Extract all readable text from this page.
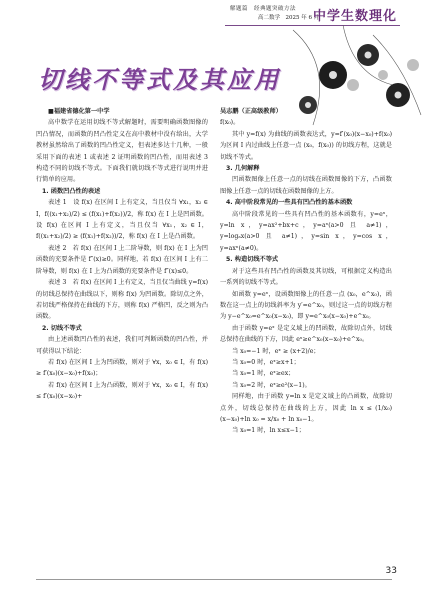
解题篇　经典题突破方法
高二数学　2025 年 6 月
中学生数理化
切线不等式及其应用

■福建省德化第一中学

高中数学在运用切线不等式解题时，需要明确函数图像的凹凸情况，而函数的凹凸性定义在高中教材中没有给出，大学教材虽然给出了函数的凹凸性定义，但表述多达十几种，一般采用下面的表述 1 或表述 2 证明函数的凹凸性，而用表述 3 构造不同的切线不等式。下面我们就切线不等式进行说明并进行简单的应用。

1. 函数凹凸性的表述

表述 1　设 f(x) 在区间 I 上有定义，当且仅当 ∀x₁，x₂ ∈ I，f((x₁+x₂)/2) ≤ (f(x₁)+f(x₂))/2，称 f(x) 在 I 上是凹函数。设 f(x) 在区间 I 上有定义，当且仅当 ∀x₁，x₂ ∈ I，f((x₁+x₂)/2) ≥ (f(x₁)+f(x₂))/2，称 f(x) 在 I 上是凸函数。

表述 2　若 f(x) 在区间 I 上二阶导数，则 f(x) 在 I 上为凹函数的充要条件是 f″(x)≥0。同样地，若 f(x) 在区间 I 上有二阶导数，则 f(x) 在 I 上为凸函数的充要条件是 f″(x)≤0。

表述 3　若 f(x) 在区间 I 上有定义，当且仅当曲线 y=f(x) 的切线总保持在曲线以下，则称 f(x) 为凹函数。除切点之外，若切线严格保持在曲线的下方，则称 f(x) 严格凹，反之则为凸函数。

2. 切线不等式

由上述函数凹凸性的表述，我们可判断函数的凹凸性，并可获得以下结论：

若 f(x) 在区间 I 上为凹函数，则对于 ∀x，x₀ ∈ I，有 f(x) ≥ f′(x₀)(x−x₀)+f(x₀)；

若 f(x) 在区间 I 上为凸函数，则对于 ∀x，x₀ ∈ I，有 f(x) ≤ f′(x₀)(x−x₀)+

吴志鹏（正高级教师）

f(x₀)。

其中 y=f(x) 为曲线的函数表达式，y=f′(x₀)(x−x₀)+f(x₀) 为区间 I 内过曲线上任意一点 (x₀，f(x₀)) 的切线方程，这就是切线不等式。

3. 几何解释

凹函数图像上任意一点的切线在函数图像的下方，凸函数图像上任意一点的切线在函数图像的上方。

4. 高中阶段常见的一些具有凹凸性的基本函数

高中阶段常见的一些具有凹凸性的基本函数有，y=eˣ，y=ln x，y=ax²+bx+c，y=aˣ(a>0 且 a≠1)，y=logₐx(a>0 且 a≠1)，y=sin x，y=cos x，y=axⁿ(a≠0)。

5. 构造切线不等式

对于这些具有凹凸性的函数及其切线，可根据定义构造出一系列的切线不等式。

如函数 y=eˣ，设函数图像上的任意一点 (x₀，e^x₀)，函数在这一点上的切线斜率为 y′=e^x₀，则过这一点的切线方程为 y−e^x₀=e^x₀(x−x₀)，即 y=e^x₀(x−x₀)+e^x₀。

由于函数 y=eˣ 是定义域上的凹函数，故除切点外，切线总保持在曲线的下方，因此 eˣ≥e^x₀(x−x₀)+e^x₀。

当 x₀=−1 时，eˣ ≥ (x+2)/e；

当 x₀=0 时，eˣ≥x+1；

当 x₀=1 时，eˣ≥ex；

当 x₀=2 时，eˣ≥e²(x−1)。

同样地，由于函数 y=ln x 是定义域上的凸函数，故除切点外，切线总保持在曲线的上方，因此 ln x ≤ (1/x₀)(x−x₀)+ln x₀ = x/x₀ + ln x₀−1。

当 x₀=1 时，ln x≤x−1；

33
